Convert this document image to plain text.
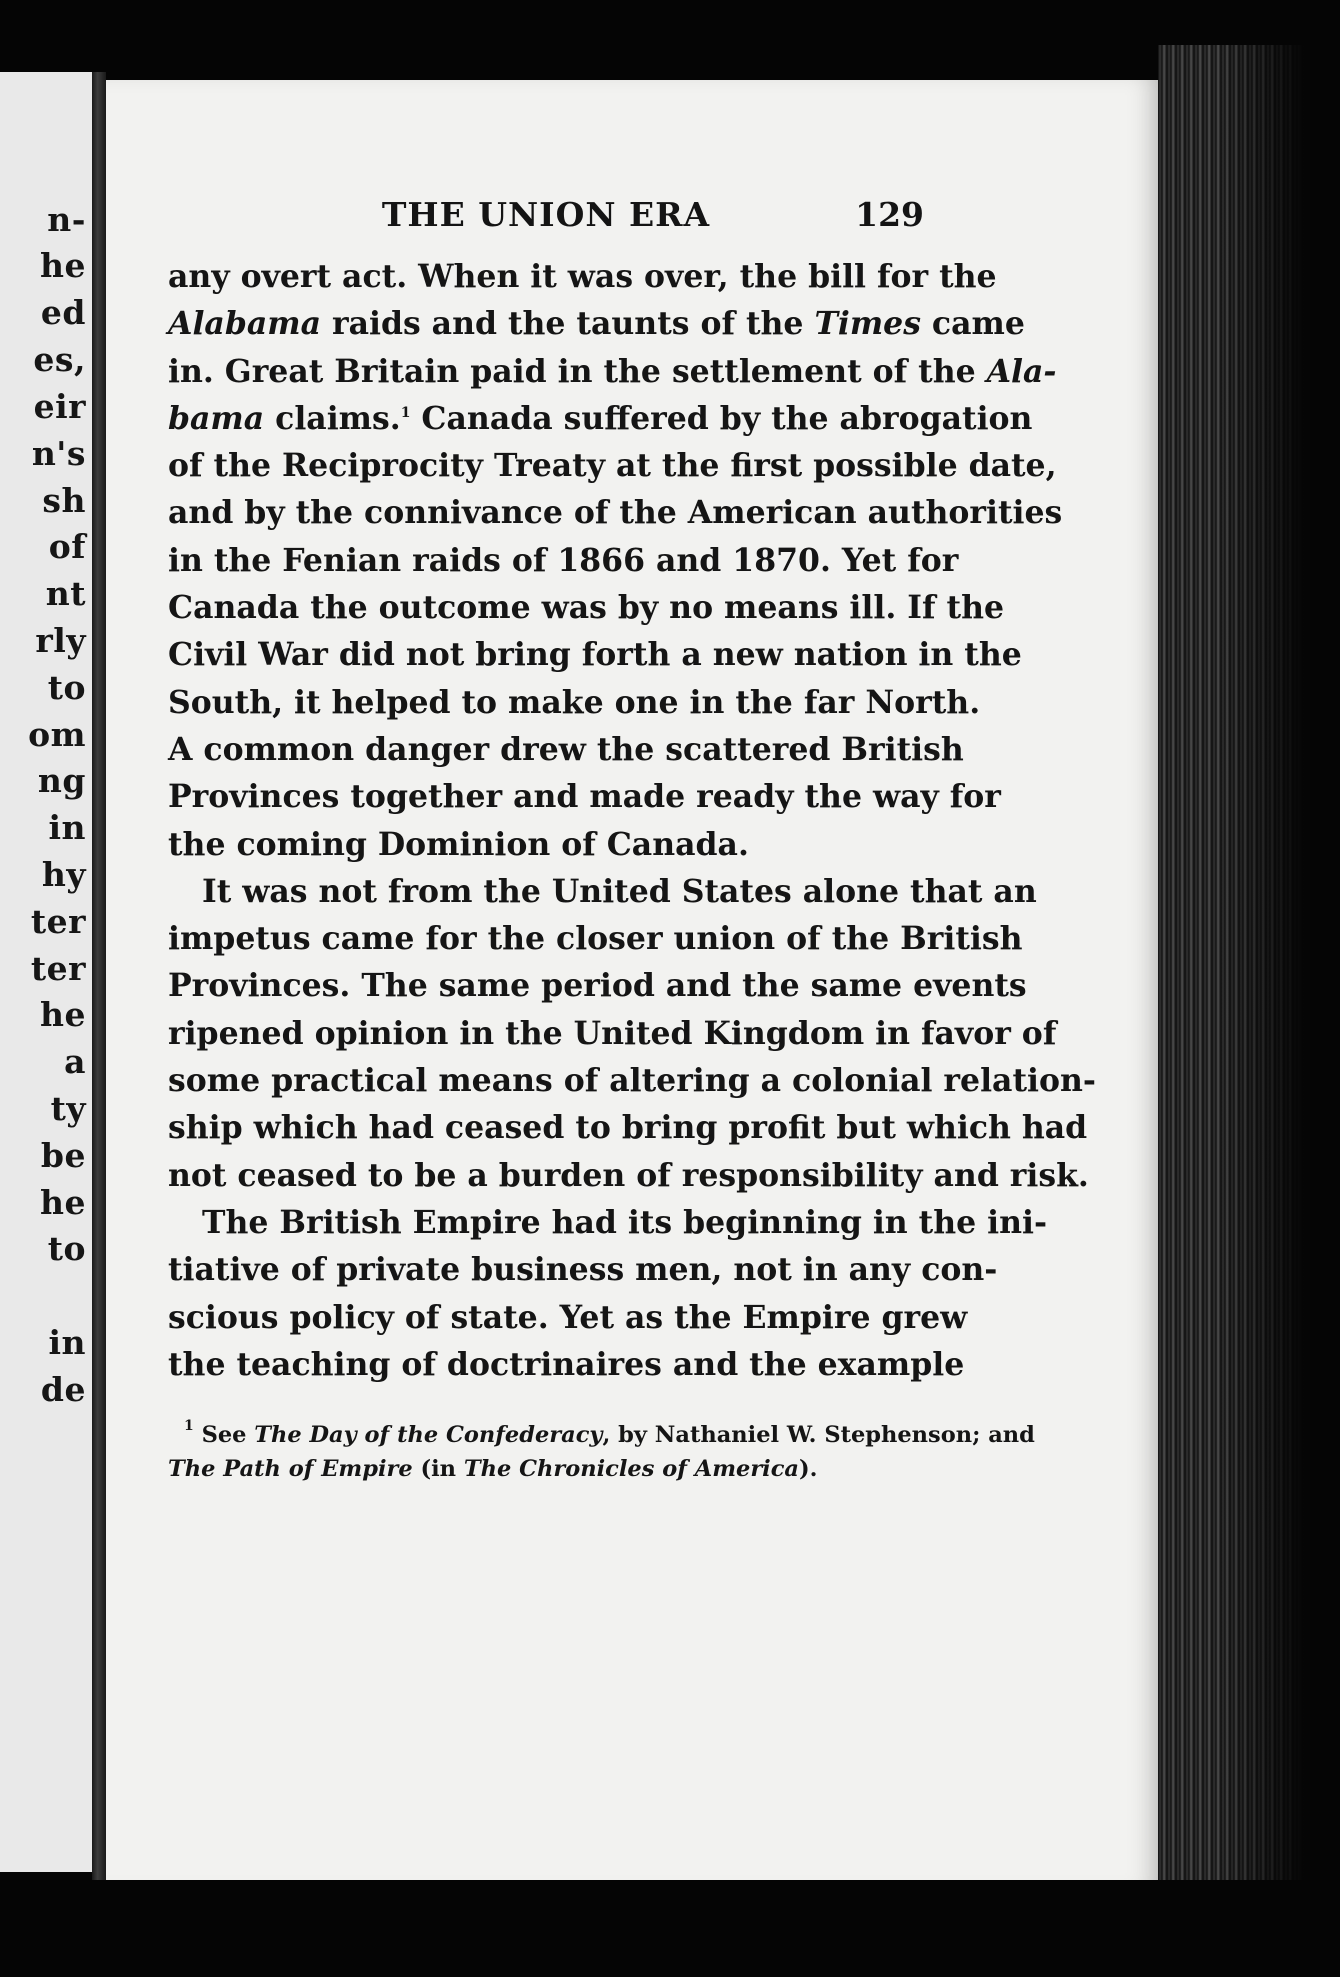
n-
he
ed
es,
eir
n's
sh
of
nt
rly
to
om
ng
in
hy
ter
ter
he
a
ty
be
he
to
in
de
THE UNION ERA	129
any overt act. When it was over, the bill for the
Alabama raids and the taunts of the Times came
in. Great Britain paid in the settlement of the Ala-
bama claims.$^1$ Canada suffered by the abrogation
of the Reciprocity Treaty at the first possible date,
and by the connivance of the American authorities
in the Fenian raids of 1866 and 1870. Yet for
Canada the outcome was by no means ill. If the
Civil War did not bring forth a new nation in the
South, it helped to make one in the far North.
A common danger drew the scattered British
Provinces together and made ready the way for
the coming Dominion of Canada.
It was not from the United States alone that an
impetus came for the closer union of the British
Provinces. The same period and the same events
ripened opinion in the United Kingdom in favor of
some practical means of altering a colonial relation-
ship which had ceased to bring profit but which had
not ceased to be a burden of responsibility and risk.
The British Empire had its beginning in the ini-
tiative of private business men, not in any con-
scious policy of state. Yet as the Empire grew
the teaching of doctrinaires and the example
$^1$ See The Day of the Confederacy, by Nathaniel W. Stephenson; and
The Path of Empire (in The Chronicles of America).
